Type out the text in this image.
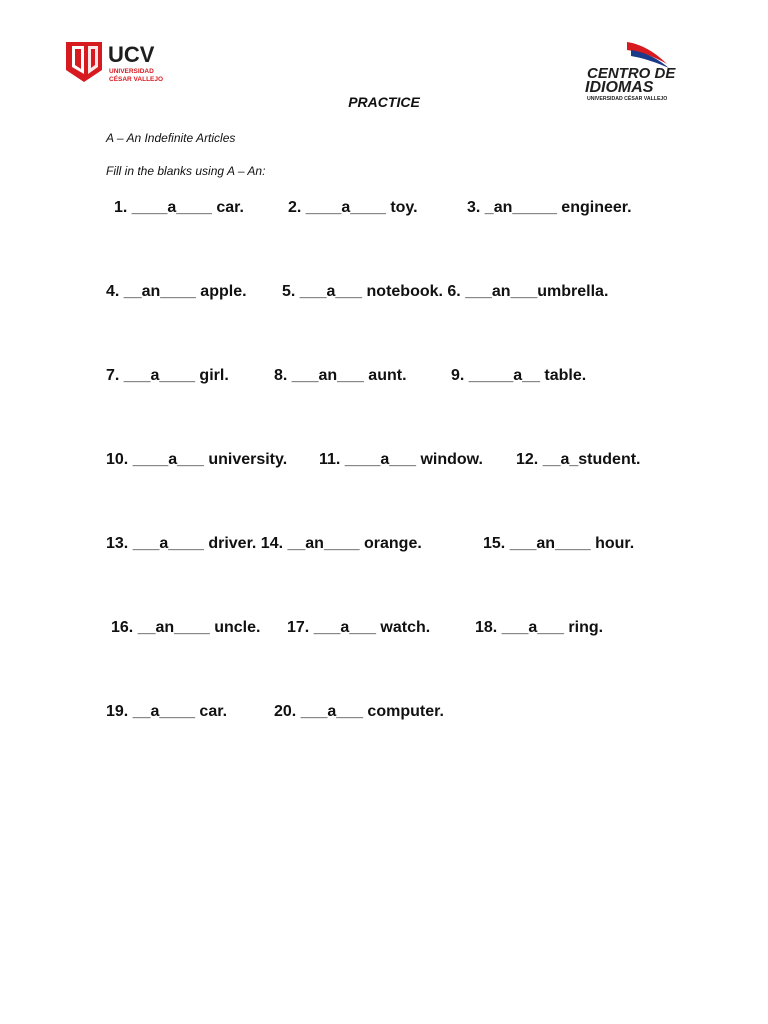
UCV
UNIVERSIDAD
CÉSAR VALLEJO	CENTRO DE
IDIOMAS
UNIVERSIDAD CÉSAR VALLEJO
PRACTICE
A – An Indefinite Articles
Fill in the blanks using A – An:

1. ____a____ car.

	2. ____a____ toy.

	3. _an_____ engineer.

4. __an____ apple.

5. ___a___ notebook. 6. ___an___umbrella.

7. ___a____ girl.

	8. ___an___ aunt.

	9. _____a__ table.

10. ____a___ university.

11. ____a___ window.

12. __a_student.

13. ___a____ driver. 14. __an____ orange.

	15. ___an____ hour.

16. __an____ uncle.

17. ___a___ watch.

	18. ___a___ ring.

19. __a____ car.

	20. ___a___ computer.
